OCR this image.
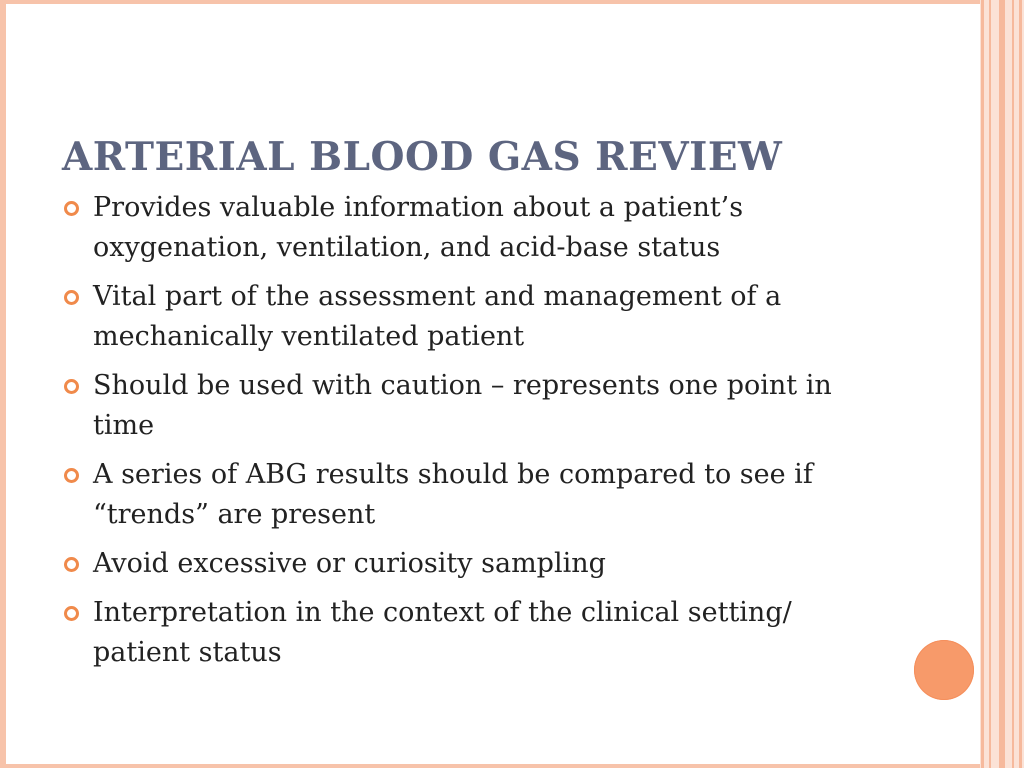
ARTERIAL BLOOD GAS REVIEW
Provides valuable information about a patient’s oxygenation, ventilation, and acid-base status
Vital part of the assessment and management of a mechanically ventilated patient
Should be used with caution – represents one point in time
A series of ABG results should be compared to see if “trends” are present
Avoid excessive or curiosity sampling
Interpretation in the context of the clinical setting/ patient status
